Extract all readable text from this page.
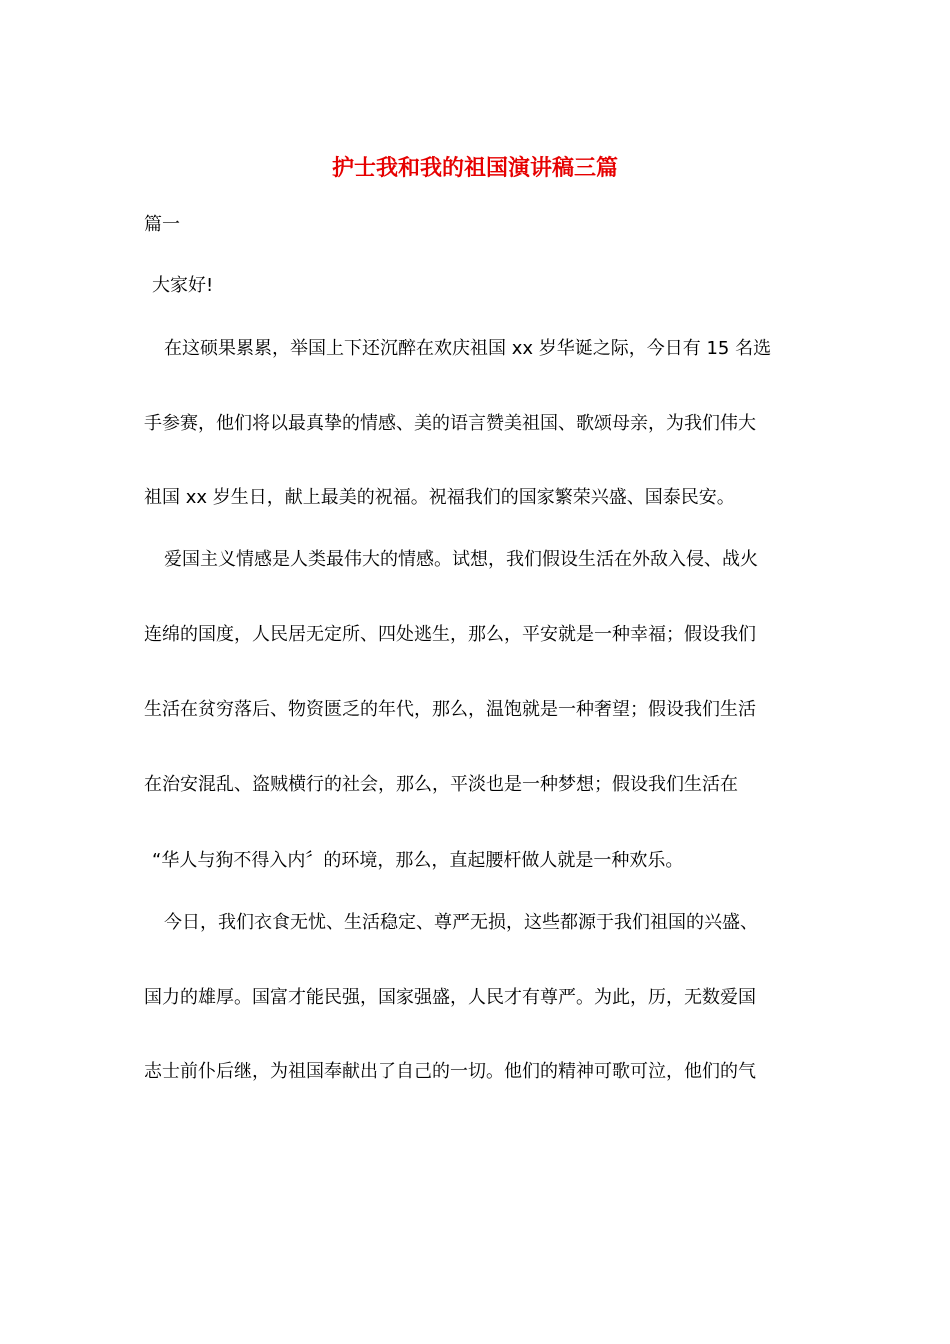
护士我和我的祖国演讲稿三篇
篇一
大家好!
在这硕果累累，举国上下还沉醉在欢庆祖国 xx 岁华诞之际，今日有 15 名选
手参赛，他们将以最真挚的情感、美的语言赞美祖国、歌颂母亲，为我们伟大
祖国 xx 岁生日，献上最美的祝福。祝福我们的国家繁荣兴盛、国泰民安。
爱国主义情感是人类最伟大的情感。试想，我们假设生活在外敌入侵、战火
连绵的国度，人民居无定所、四处逃生，那么，平安就是一种幸福；假设我们
生活在贫穷落后、物资匮乏的年代，那么，温饱就是一种奢望；假设我们生活
在治安混乱、盗贼横行的社会，那么，平淡也是一种梦想；假设我们生活在
“华人与狗不得入内〞的环境，那么，直起腰杆做人就是一种欢乐。
今日，我们衣食无忧、生活稳定、尊严无损，这些都源于我们祖国的兴盛、
国力的雄厚。国富才能民强，国家强盛，人民才有尊严。为此，历，无数爱国
志士前仆后继，为祖国奉献出了自己的一切。他们的精神可歌可泣，他们的气
